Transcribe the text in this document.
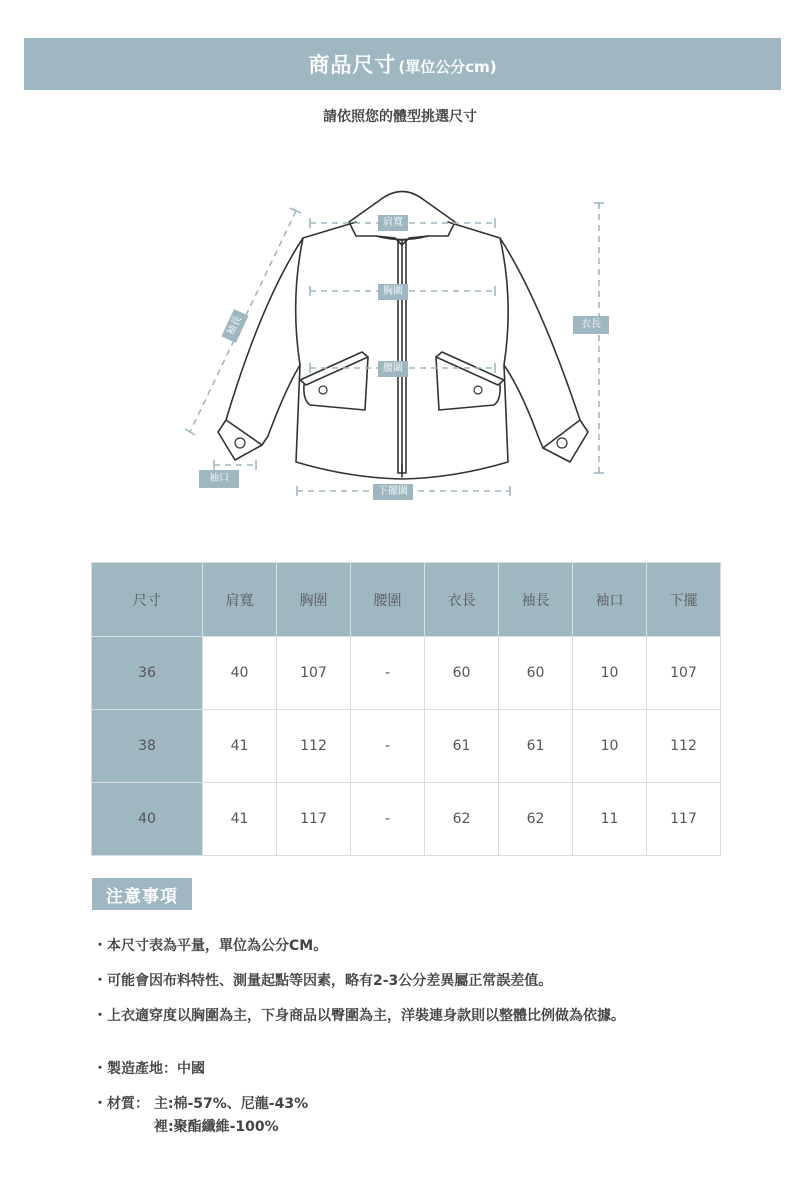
商品尺寸 (單位公分cm)
請依照您的體型挑選尺寸
肩寬
胸圍
腰圍
衣長
袖長
袖口
下擺圍
尺寸	肩寬	胸圍	腰圍	衣長	袖長	袖口	下擺
36	40	107	-	60	60	10	107
38	41	112	-	61	61	10	112
40	41	117	-	62	62	11	117
注意事項
・本尺寸表為平量，單位為公分CM。
・可能會因布料特性、測量起點等因素，略有2-3公分差異屬正常誤差值。
・上衣適穿度以胸圍為主，下身商品以臀圍為主，洋裝連身款則以整體比例做為依據。
・製造產地：中國
・材質： 主:棉-57%、尼龍-43%
裡:聚酯纖維-100%
